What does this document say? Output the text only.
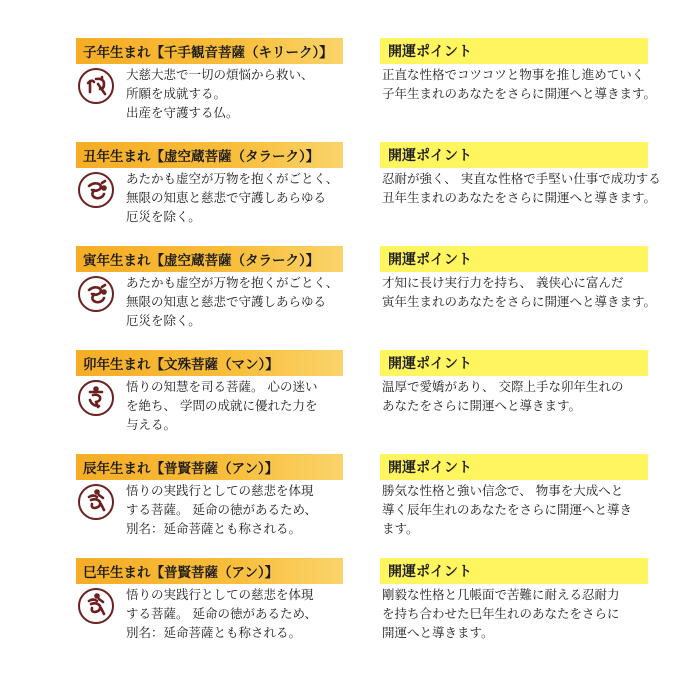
子年生まれ【千手観音菩薩（キリーク）】	開運ポイント
大慈大悲で一切の煩悩から救い、
所願を成就する。
出産を守護する仏。
正直な性格でコツコツと物事を推し進めていく
子年生まれのあなたをさらに開運へと導きます。
丑年生まれ【虚空蔵菩薩（タラーク）】	開運ポイント
あたかも虚空が万物を抱くがごとく、
無限の知恵と慈悲で守護しあらゆる
厄災を除く。
忍耐が強く、 実直な性格で手堅い仕事で成功する
丑年生まれのあなたをさらに開運へと導きます。
寅年生まれ【虚空蔵菩薩（タラーク）】	開運ポイント
あたかも虚空が万物を抱くがごとく、
無限の知恵と慈悲で守護しあらゆる
厄災を除く。
才知に長け実行力を持ち、 義侠心に富んだ
寅年生まれのあなたをさらに開運へと導きます。
卯年生まれ【文殊菩薩（マン）】	開運ポイント
悟りの知慧を司る菩薩。 心の迷い
を絶ち、 学問の成就に優れた力を
与える。
温厚で愛嬌があり、 交際上手な卯年生れの
あなたをさらに開運へと導きます。
辰年生まれ【普賢菩薩（アン）】	開運ポイント
悟りの実践行としての慈悲を体現
する菩薩。 延命の徳があるため、
別名：延命菩薩とも称される。
勝気な性格と強い信念で、 物事を大成へと
導く辰年生れのあなたをさらに開運へと導き
ます。
巳年生まれ【普賢菩薩（アン）】	開運ポイント
悟りの実践行としての慈悲を体現
する菩薩。 延命の徳があるため、
別名：延命菩薩とも称される。
剛毅な性格と几帳面で苦難に耐える忍耐力
を持ち合わせた巳年生れのあなたをさらに
開運へと導きます。
